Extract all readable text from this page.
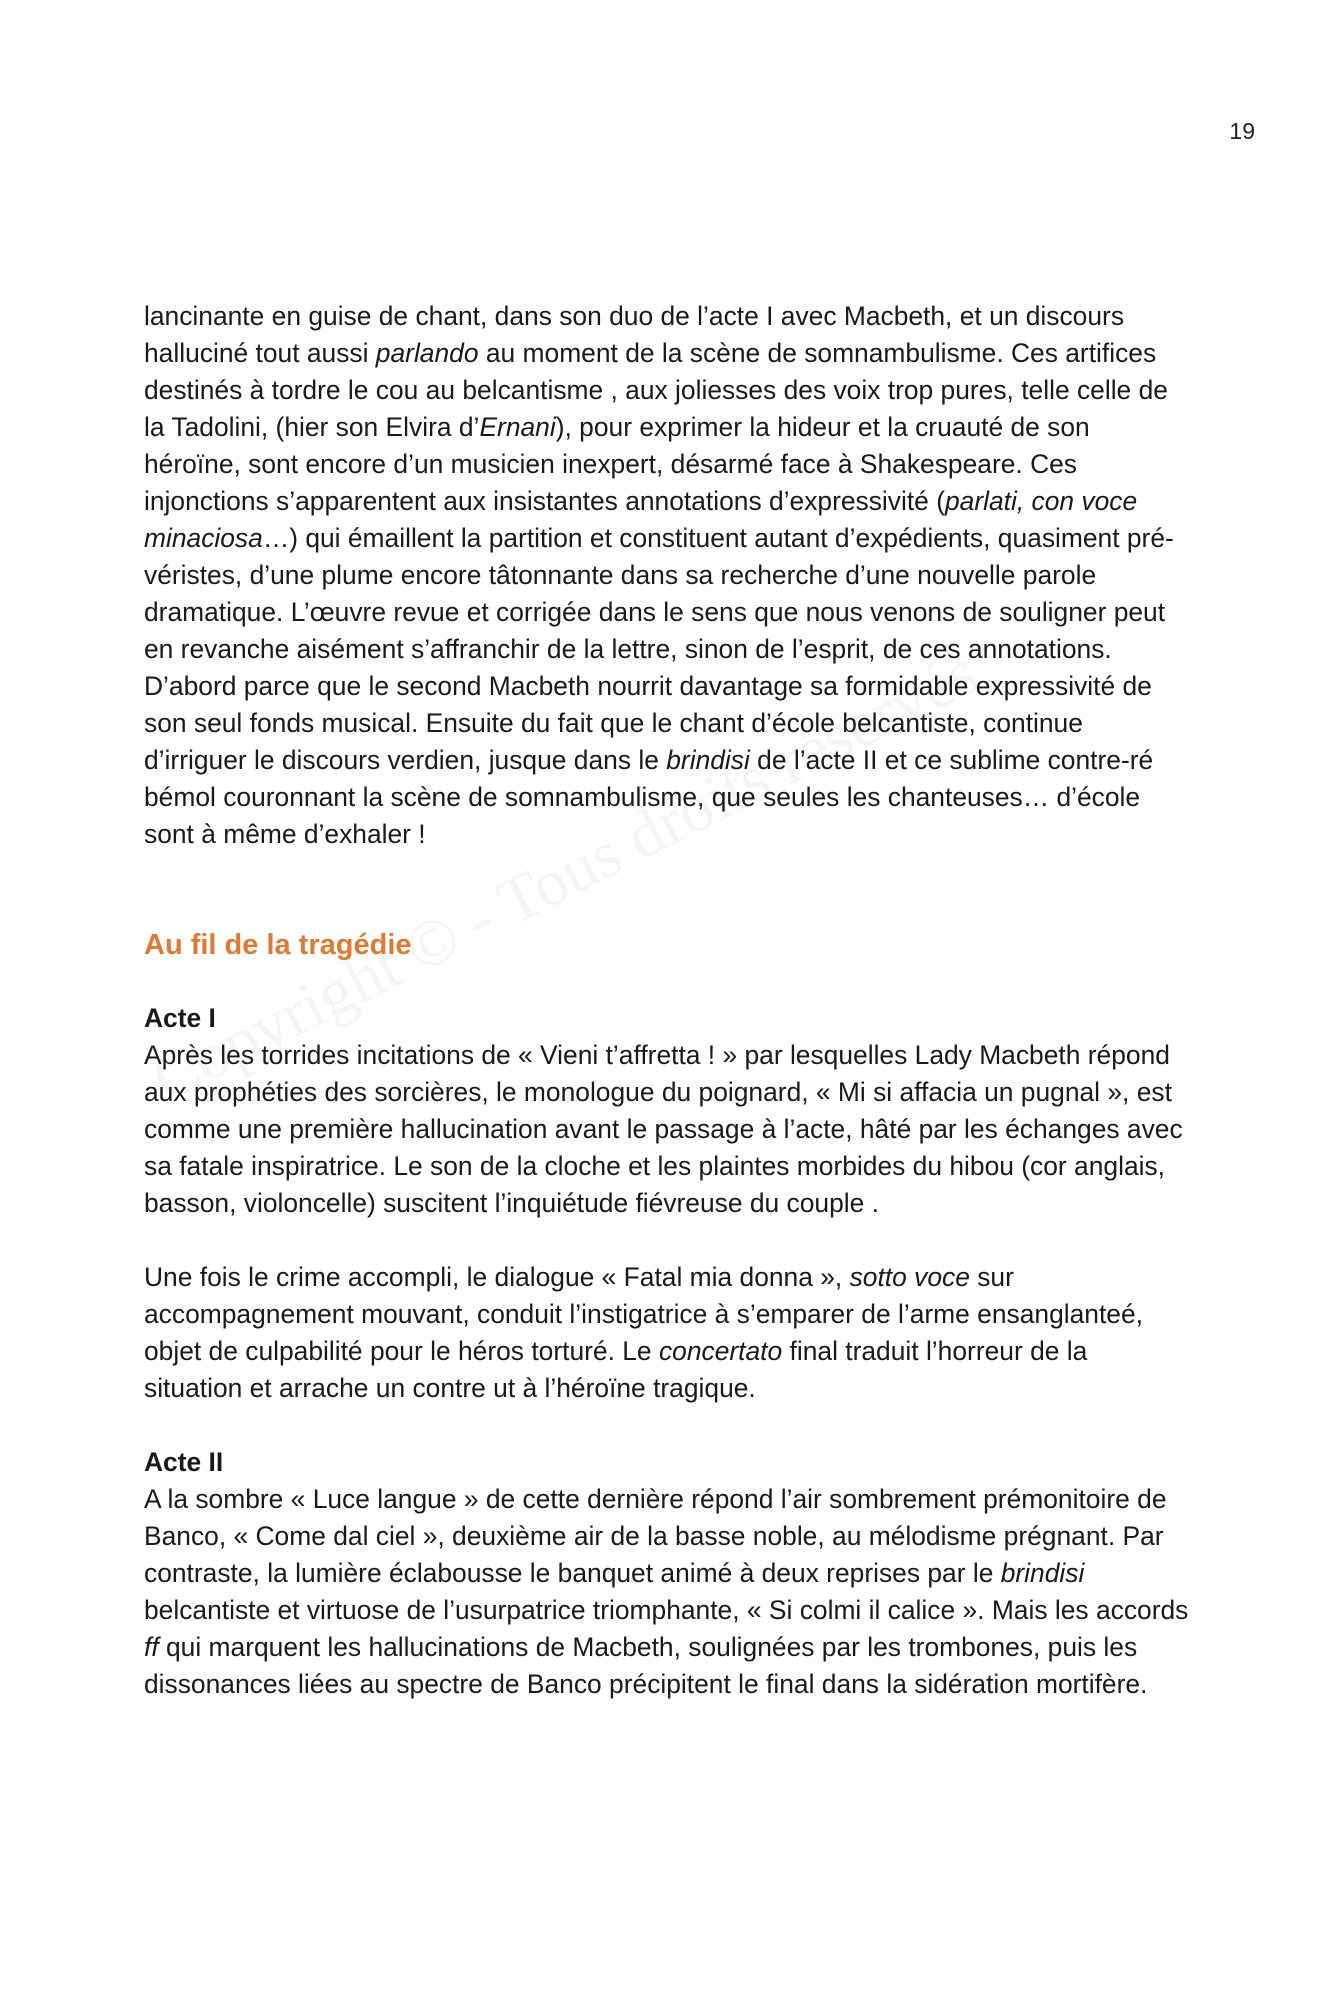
19

lancinante en guise de chant, dans son duo de l’acte I avec Macbeth, et un discours halluciné tout aussi parlando au moment de la scène de somnambulisme. Ces artifices destinés à tordre le cou au belcantisme , aux joliesses des voix trop pures, telle celle de la Tadolini, (hier son Elvira d’Ernani), pour exprimer la hideur et la cruauté de son héroïne, sont encore d’un musicien inexpert, désarmé face à Shakespeare. Ces injonctions s’apparentent aux insistantes annotations d’expressivité (parlati, con voce minaciosa…) qui émaillent la partition et constituent autant d’expédients, quasiment pré-véristes, d’une plume encore tâtonnante dans sa recherche d’une nouvelle parole dramatique. L’œuvre revue et corrigée dans le sens que nous venons de souligner peut en revanche aisément s’affranchir de la lettre, sinon de l’esprit, de ces annotations. D’abord parce que le second Macbeth nourrit davantage sa formidable expressivité de son seul fonds musical. Ensuite du fait que le chant d’école belcantiste, continue d’irriguer le discours verdien, jusque dans le brindisi de l’acte II et ce sublime contre-ré bémol couronnant la scène de somnambulisme, que seules les chanteuses… d’école sont à même d’exhaler !

Au fil de la tragédie
Acte I

Après les torrides incitations de « Vieni t’affretta ! » par lesquelles Lady Macbeth répond aux prophéties des sorcières, le monologue du poignard, « Mi si affacia un pugnal », est comme une première hallucination avant le passage à l’acte, hâté par les échanges avec sa fatale inspiratrice. Le son de la cloche et les plaintes morbides du hibou (cor anglais, basson, violoncelle) suscitent l’inquiétude fiévreuse du couple .

Une fois le crime accompli, le dialogue « Fatal mia donna », sotto voce sur accompagnement mouvant, conduit l’instigatrice à s’emparer de l’arme ensanglanteé, objet de culpabilité pour le héros torturé. Le concertato final traduit l’horreur de la situation et arrache un contre ut à l’héroïne tragique.

Acte II

A la sombre « Luce langue » de cette dernière répond l’air sombrement prémonitoire de Banco, « Come dal ciel », deuxième air de la basse noble, au mélodisme prégnant. Par contraste, la lumière éclabousse le banquet animé à deux reprises par le brindisi belcantiste et virtuose de l’usurpatrice triomphante, « Si colmi il calice ». Mais les accords ff qui marquent les hallucinations de Macbeth, soulignées par les trombones, puis les dissonances liées au spectre de Banco précipitent le final dans la sidération mortifère.
